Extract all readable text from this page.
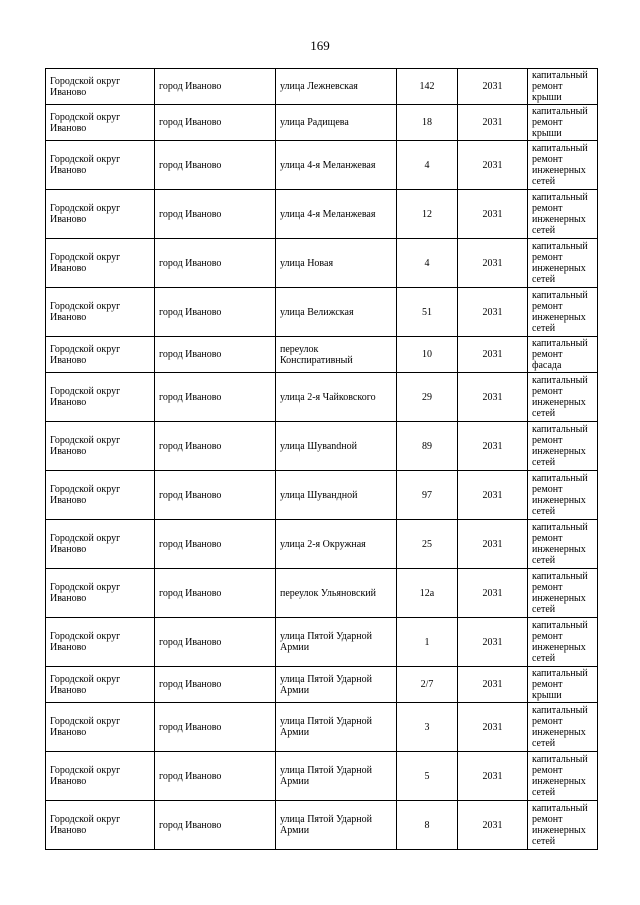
169
Городской округ Иваново	город Иваново	улица Лежневская	142	2031	капитальный ремонт крыши
Городской округ Иваново	город Иваново	улица Радищева	18	2031	капитальный ремонт крыши
Городской округ Иваново	город Иваново	улица 4-я Меланжевая	4	2031	капитальный ремонт инженерных сетей
Городской округ Иваново	город Иваново	улица 4-я Меланжевая	12	2031	капитальный ремонт инженерных сетей
Городской округ Иваново	город Иваново	улица Новая	4	2031	капитальный ремонт инженерных сетей
Городской округ Иваново	город Иваново	улица Велижская	51	2031	капитальный ремонт инженерных сетей
Городской округ Иваново	город Иваново	переулок Конспиративный	10	2031	капитальный ремонт фасада
Городской округ Иваново	город Иваново	улица 2-я Чайковского	29	2031	капитальный ремонт инженерных сетей
Городской округ Иваново	город Иваново	улица Шуваndной	89	2031	капитальный ремонт инженерных сетей
Городской округ Иваново	город Иваново	улица Шувандной	97	2031	капитальный ремонт инженерных сетей
Городской округ Иваново	город Иваново	улица 2-я Окружная	25	2031	капитальный ремонт инженерных сетей
Городской округ Иваново	город Иваново	переулок Ульяновский	12а	2031	капитальный ремонт инженерных сетей
Городской округ Иваново	город Иваново	улица Пятой Ударной Армии	1	2031	капитальный ремонт инженерных сетей
Городской округ Иваново	город Иваново	улица Пятой Ударной Армии	2/7	2031	капитальный ремонт крыши
Городской округ Иваново	город Иваново	улица Пятой Ударной Армии	3	2031	капитальный ремонт инженерных сетей
Городской округ Иваново	город Иваново	улица Пятой Ударной Армии	5	2031	капитальный ремонт инженерных сетей
Городской округ Иваново	город Иваново	улица Пятой Ударной Армии	8	2031	капитальный ремонт инженерных сетей
